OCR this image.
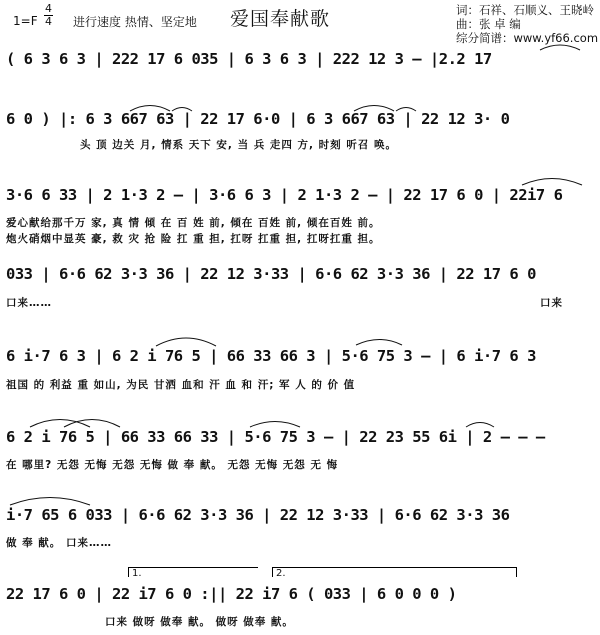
1=F
4
4 进行速度 热情、坚定地 爱国奉献歌	词：石祥、石顺义、王晓岭
曲：张 卓 编
综分简谱：www.yf66.com
( 6 3 6 3 | 222 17 6 035 | 6 3 6 3 | 222 12 3 – |2.2 17
6 0 ) |: 6 3 667 63 | 22 17 6·0 | 6 3 667 63 | 22 12 3· 0
3·6 6 33 | 2 1·3 2 – | 3·6 6 3 | 2 1·3 2 – | 22 17 6 0 | 22i7 6
033 | 6·6 62 3·3 36 | 22 12 3·33 | 6·6 62 3·3 36 | 22 17 6 0
6 i·7 6 3 | 6 2 i 76 5 | 66 33 66 3 | 5·6 75 3 – | 6 i·7 6 3
6 2 i 76 5 | 66 33 66 33 | 5·6 75 3 – | 22 23 55 6i | 2 – – –
i·7 65 6 033 | 6·6 62 3·3 36 | 22 12 3·33 | 6·6 62 3·3 36
22 17 6 0 | 22 i7 6 0 :|| 22 i7 6 ( 033 | 6 0 0 0 )
头 顶 边关 月, 情系 天下 安, 当 兵 走四 方, 时刻 听召 唤。
爱心献给那千万 家, 真 情 倾 在 百 姓 前, 倾在 百姓 前, 倾在百姓 前。
炮火硝烟中显英 豪, 救 灾 抢 险 扛 重 担, 扛呀 扛重 担, 扛呀扛重 担。
口来……	口来
祖国 的 利益 重 如山, 为民 甘洒 血和 汗 血 和 汗; 军 人 的 价 值
在 哪里? 无怨 无悔 无怨 无悔 做 奉 献。 无怨 无悔 无怨 无 悔
做 奉 献。 口来……
口来 做呀 做奉 献。 做呀 做奉 献。
1.	2.
